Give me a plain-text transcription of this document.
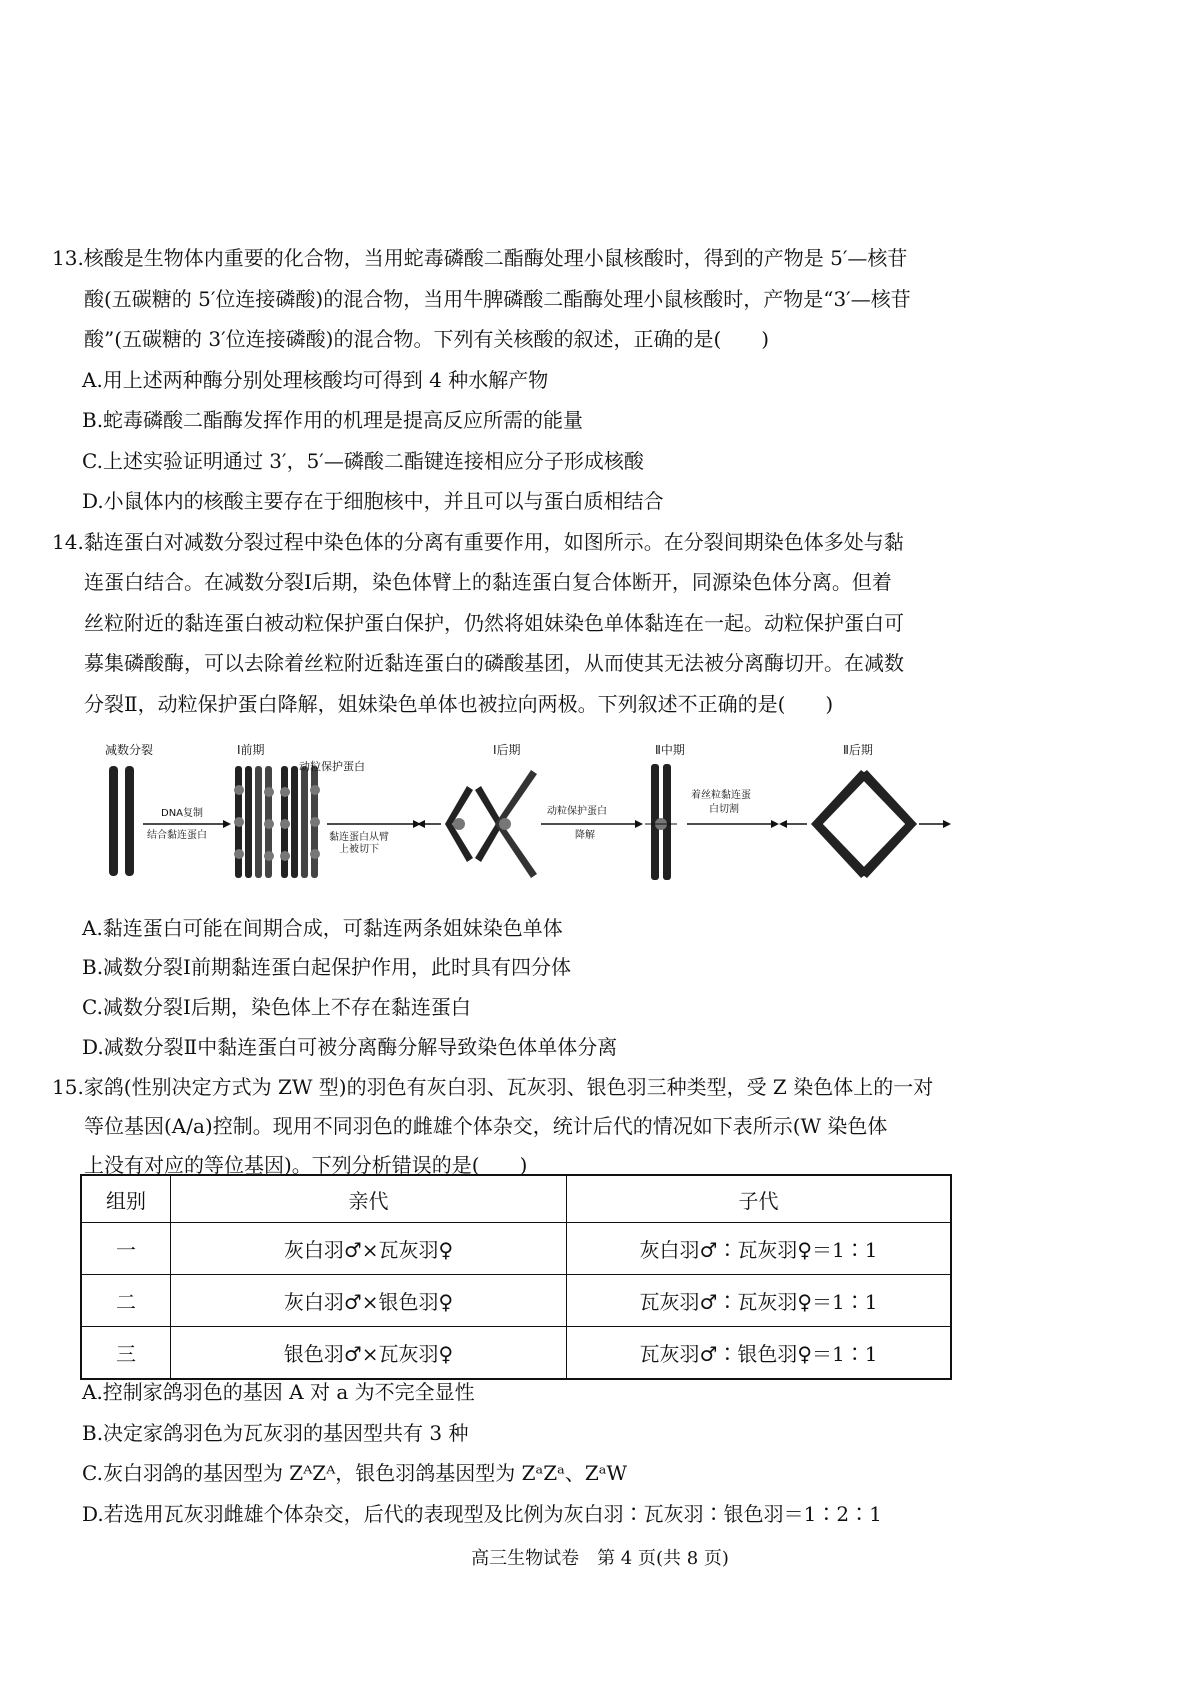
13.核酸是生物体内重要的化合物，当用蛇毒磷酸二酯酶处理小鼠核酸时，得到的产物是 5′—核苷
酸(五碳糖的 5′位连接磷酸)的混合物，当用牛脾磷酸二酯酶处理小鼠核酸时，产物是“3′—核苷
酸”(五碳糖的 3′位连接磷酸)的混合物。下列有关核酸的叙述，正确的是(　　)
A.用上述两种酶分别处理核酸均可得到 4 种水解产物
B.蛇毒磷酸二酯酶发挥作用的机理是提高反应所需的能量
C.上述实验证明通过 3′，5′—磷酸二酯键连接相应分子形成核酸
D.小鼠体内的核酸主要存在于细胞核中，并且可以与蛋白质相结合
14.黏连蛋白对减数分裂过程中染色体的分离有重要作用，如图所示。在分裂间期染色体多处与黏
连蛋白结合。在减数分裂Ⅰ后期，染色体臂上的黏连蛋白复合体断开，同源染色体分离。但着
丝粒附近的黏连蛋白被动粒保护蛋白保护，仍然将姐妹染色单体黏连在一起。动粒保护蛋白可
募集磷酸酶，可以去除着丝粒附近黏连蛋白的磷酸基团，从而使其无法被分离酶切开。在减数
分裂Ⅱ，动粒保护蛋白降解，姐妹染色单体也被拉向两极。下列叙述不正确的是(　　)
减数分裂	Ⅰ前期	Ⅰ后期	Ⅱ中期	Ⅱ后期
DNA复制
结合黏连蛋白
动粒保护蛋白
黏连蛋白从臂
上被切下
动粒保护蛋白
降解
着丝粒黏连蛋
白切割
A.黏连蛋白可能在间期合成，可黏连两条姐妹染色单体
B.减数分裂Ⅰ前期黏连蛋白起保护作用，此时具有四分体
C.减数分裂Ⅰ后期，染色体上不存在黏连蛋白
D.减数分裂Ⅱ中黏连蛋白可被分离酶分解导致染色体单体分离
15.家鸽(性别决定方式为 ZW 型)的羽色有灰白羽、瓦灰羽、银色羽三种类型，受 Z 染色体上的一对
等位基因(A/a)控制。现用不同羽色的雌雄个体杂交，统计后代的情况如下表所示(W 染色体
上没有对应的等位基因)。下列分析错误的是(　　)
组别	亲代	子代
一	灰白羽♂×瓦灰羽♀	灰白羽♂∶瓦灰羽♀＝1∶1
二	灰白羽♂×银色羽♀	瓦灰羽♂∶瓦灰羽♀＝1∶1
三	银色羽♂×瓦灰羽♀	瓦灰羽♂∶银色羽♀＝1∶1
A.控制家鸽羽色的基因 A 对 a 为不完全显性
B.决定家鸽羽色为瓦灰羽的基因型共有 3 种
C.灰白羽鸽的基因型为 ZᴬZᴬ，银色羽鸽基因型为 ZᵃZᵃ、ZᵃW
D.若选用瓦灰羽雌雄个体杂交，后代的表现型及比例为灰白羽∶瓦灰羽∶银色羽＝1∶2∶1
高三生物试卷　第 4 页(共 8 页)
